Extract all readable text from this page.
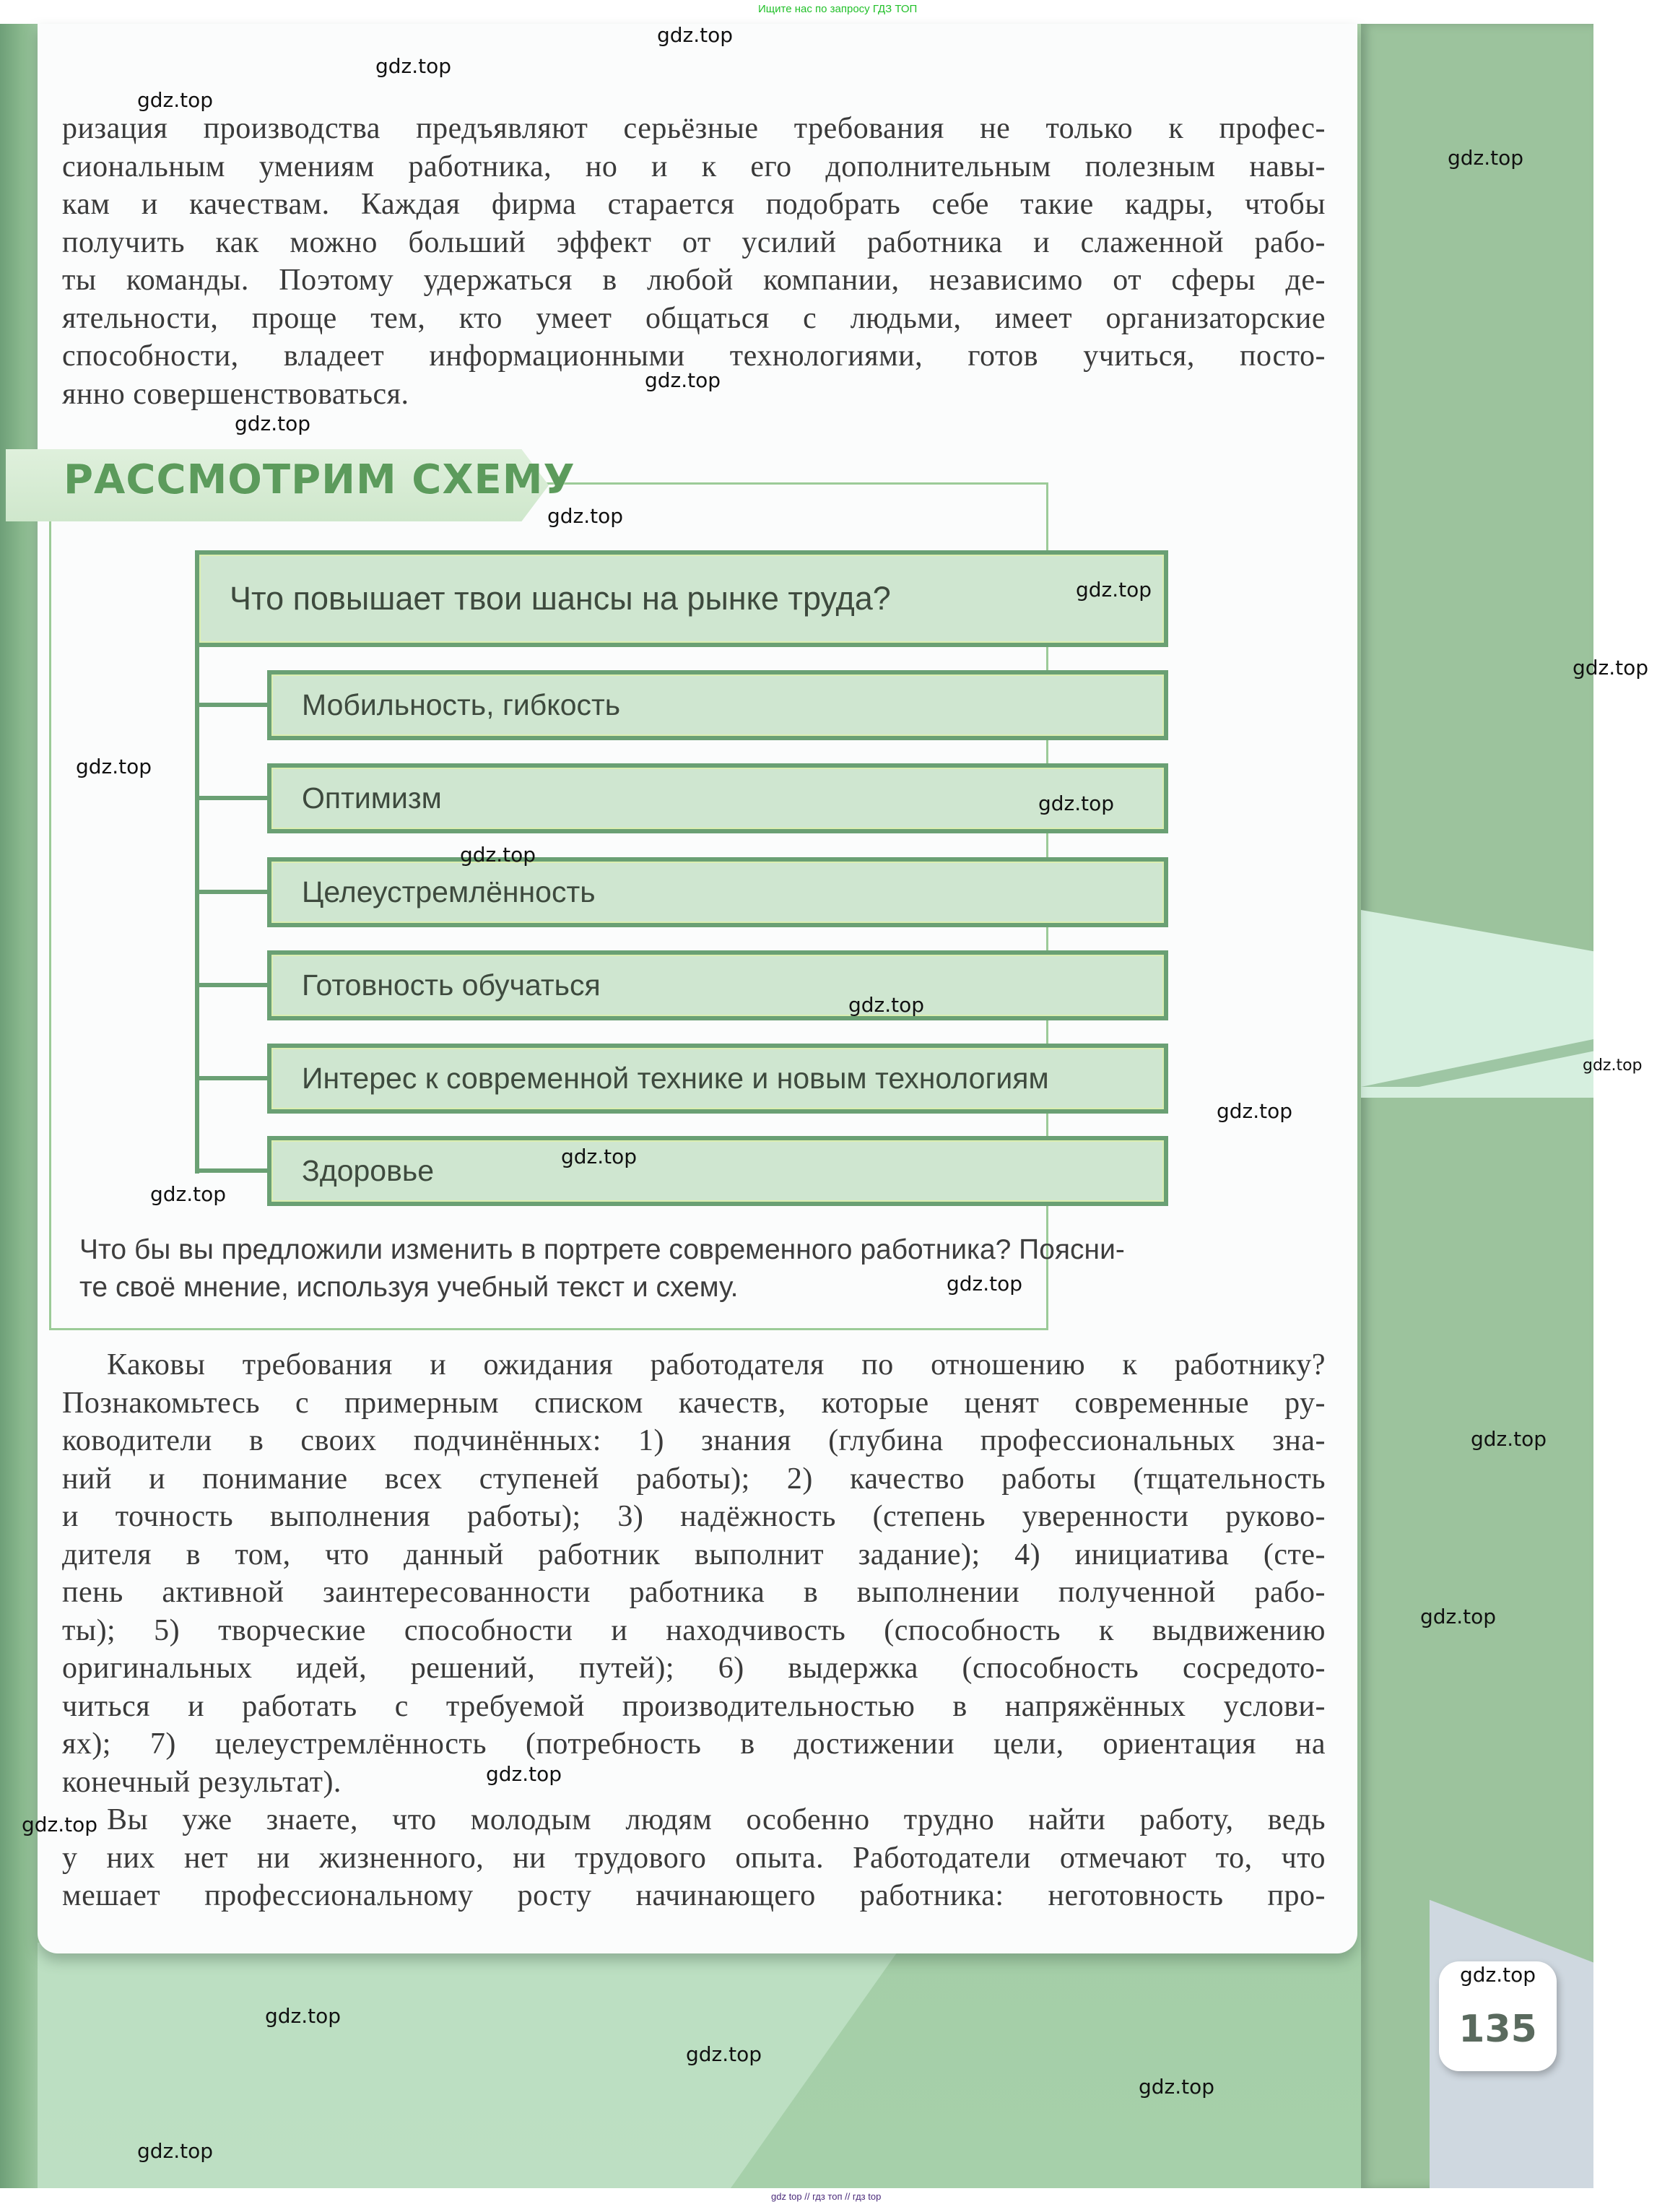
Ищите нас по запросу ГДЗ ТОП
ризация производства предъявляют серьёзные требования не только к профес-
сиональным умениям работника, но и к его дополнительным полезным навы-
кам и качествам. Каждая фирма старается подобрать себе такие кадры, чтобы
получить как можно больший эффект от усилий работника и слаженной рабо-
ты команды. Поэтому удержаться в любой компании, независимо от сферы де-
ятельности, проще тем, кто умеет общаться с людьми, имеет организаторские
способности, владеет информационными технологиями, готов учиться, посто-
янно совершенствоваться.
РАССМОТРИМ СХЕМУ
Что повышает твои шансы на рынке труда?
Мобильность, гибкость
Оптимизм
Целеустремлённость
Готовность обучаться
Интерес к современной технике и новым технологиям
Здоровье
Что бы вы предложили изменить в портрете современного работника? Поясни-
те своё мнение, используя учебный текст и схему.
Каковы требования и ожидания работодателя по отношению к работнику?
Познакомьтесь с примерным списком качеств, которые ценят современные ру-
ководители в своих подчинённых: 1) знания (глубина профессиональных зна-
ний и понимание всех ступеней работы); 2) качество работы (тщательность
и точность выполнения работы); 3) надёжность (степень уверенности руково-
дителя в том, что данный работник выполнит задание); 4) инициатива (сте-
пень активной заинтересованности работника в выполнении полученной рабо-
ты); 5) творческие способности и находчивость (способность к выдвижению
оригинальных идей, решений, путей); 6) выдержка (способность сосредото-
читься и работать с требуемой производительностью в напряжённых услови-
ях); 7) целеустремлённость (потребность в достижении цели, ориентация на
конечный результат).
Вы уже знаете, что молодым людям особенно трудно найти работу, ведь
у них нет ни жизненного, ни трудового опыта. Работодатели отмечают то, что
мешает профессиональному росту начинающего работника: неготовность про-
135
gdz.top
gdz.top
gdz.top
gdz.top
gdz.top
gdz.top
gdz.top
gdz.top
gdz.top
gdz.top
gdz.top
gdz.top
gdz.top
gdz.top
gdz.top
gdz.top
gdz.top
gdz.top
gdz.top
gdz.top
gdz.top
gdz.top
gdz.top
gdz.top
gdz.top
gdz.top
gdz.top
gdz top // гдз топ // гдз top
